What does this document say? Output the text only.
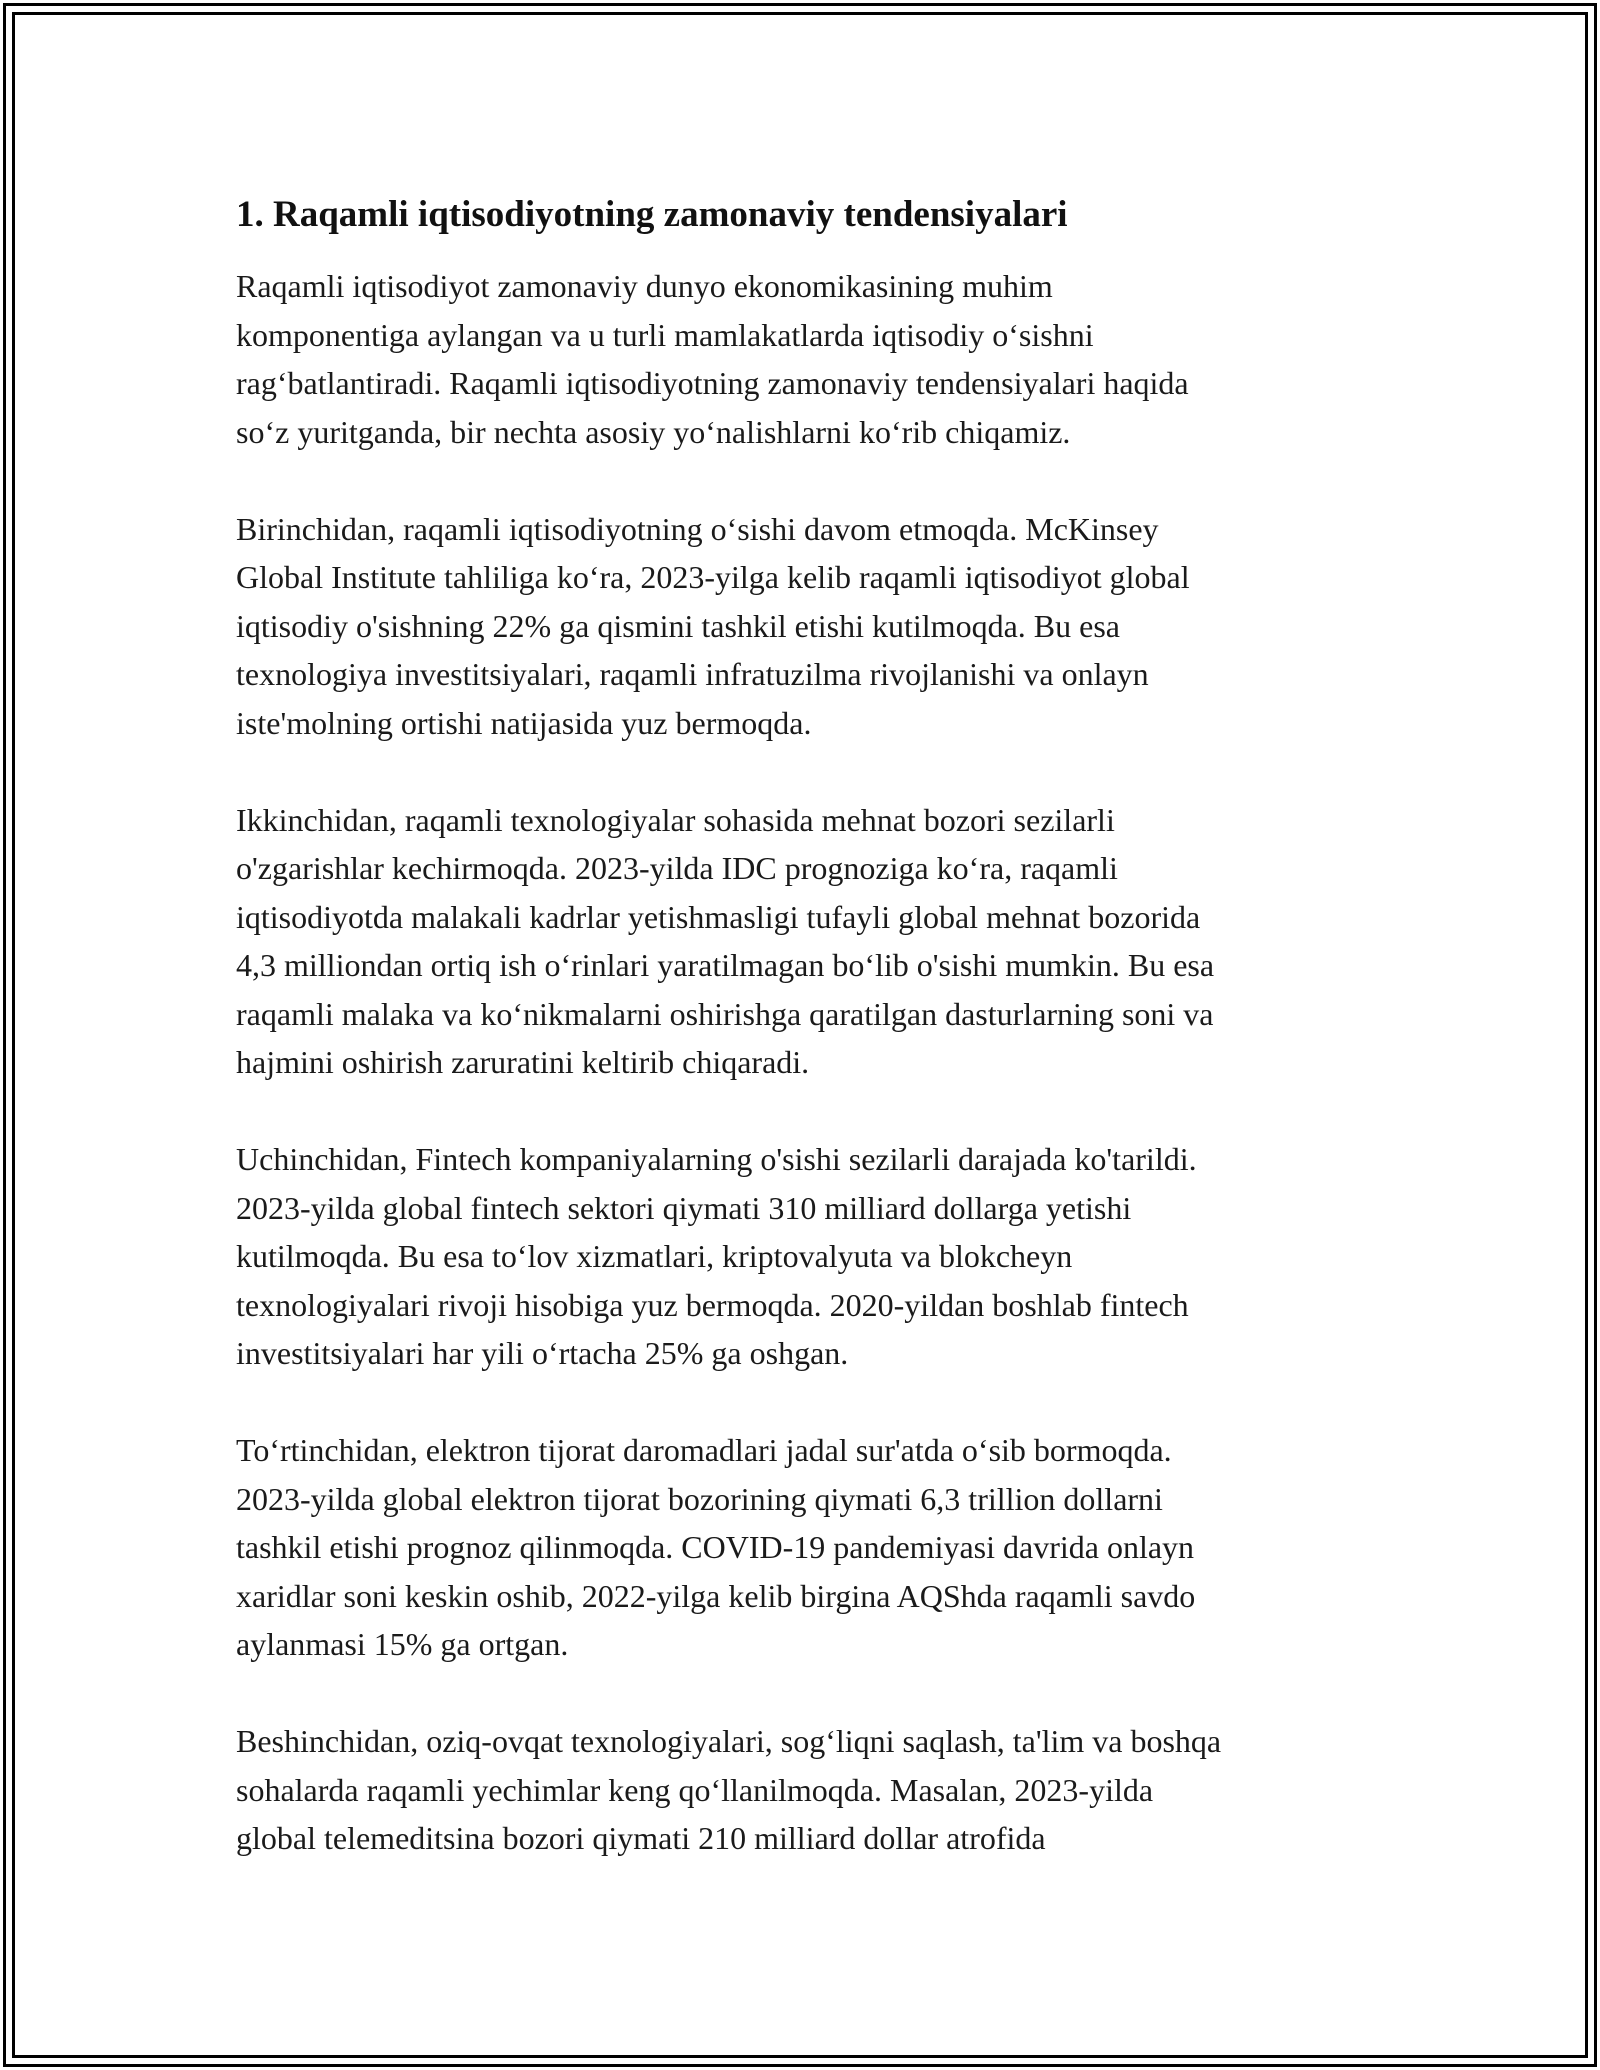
1. Raqamli iqtisodiyotning zamonaviy tendensiyalari

Raqamli iqtisodiyot zamonaviy dunyo ekonomikasining muhim
komponentiga aylangan va u turli mamlakatlarda iqtisodiy o‘sishni
rag‘batlantiradi. Raqamli iqtisodiyotning zamonaviy tendensiyalari haqida
so‘z yuritganda, bir nechta asosiy yo‘nalishlarni ko‘rib chiqamiz.

Birinchidan, raqamli iqtisodiyotning o‘sishi davom etmoqda. McKinsey
Global Institute tahliliga ko‘ra, 2023-yilga kelib raqamli iqtisodiyot global
iqtisodiy o'sishning 22% ga qismini tashkil etishi kutilmoqda. Bu esa
texnologiya investitsiyalari, raqamli infratuzilma rivojlanishi va onlayn
iste'molning ortishi natijasida yuz bermoqda.

Ikkinchidan, raqamli texnologiyalar sohasida mehnat bozori sezilarli
o'zgarishlar kechirmoqda. 2023-yilda IDC prognoziga ko‘ra, raqamli
iqtisodiyotda malakali kadrlar yetishmasligi tufayli global mehnat bozorida
4,3 milliondan ortiq ish o‘rinlari yaratilmagan bo‘lib o'sishi mumkin. Bu esa
raqamli malaka va ko‘nikmalarni oshirishga qaratilgan dasturlarning soni va
hajmini oshirish zaruratini keltirib chiqaradi.

Uchinchidan, Fintech kompaniyalarning o'sishi sezilarli darajada ko'tarildi.
2023-yilda global fintech sektori qiymati 310 milliard dollarga yetishi
kutilmoqda. Bu esa to‘lov xizmatlari, kriptovalyuta va blokcheyn
texnologiyalari rivoji hisobiga yuz bermoqda. 2020-yildan boshlab fintech
investitsiyalari har yili o‘rtacha 25% ga oshgan.

To‘rtinchidan, elektron tijorat daromadlari jadal sur'atda o‘sib bormoqda.
2023-yilda global elektron tijorat bozorining qiymati 6,3 trillion dollarni
tashkil etishi prognoz qilinmoqda. COVID-19 pandemiyasi davrida onlayn
xaridlar soni keskin oshib, 2022-yilga kelib birgina AQShda raqamli savdo
aylanmasi 15% ga ortgan.

Beshinchidan, oziq-ovqat texnologiyalari, sog‘liqni saqlash, ta'lim va boshqa
sohalarda raqamli yechimlar keng qo‘llanilmoqda. Masalan, 2023-yilda
global telemeditsina bozori qiymati 210 milliard dollar atrofida
